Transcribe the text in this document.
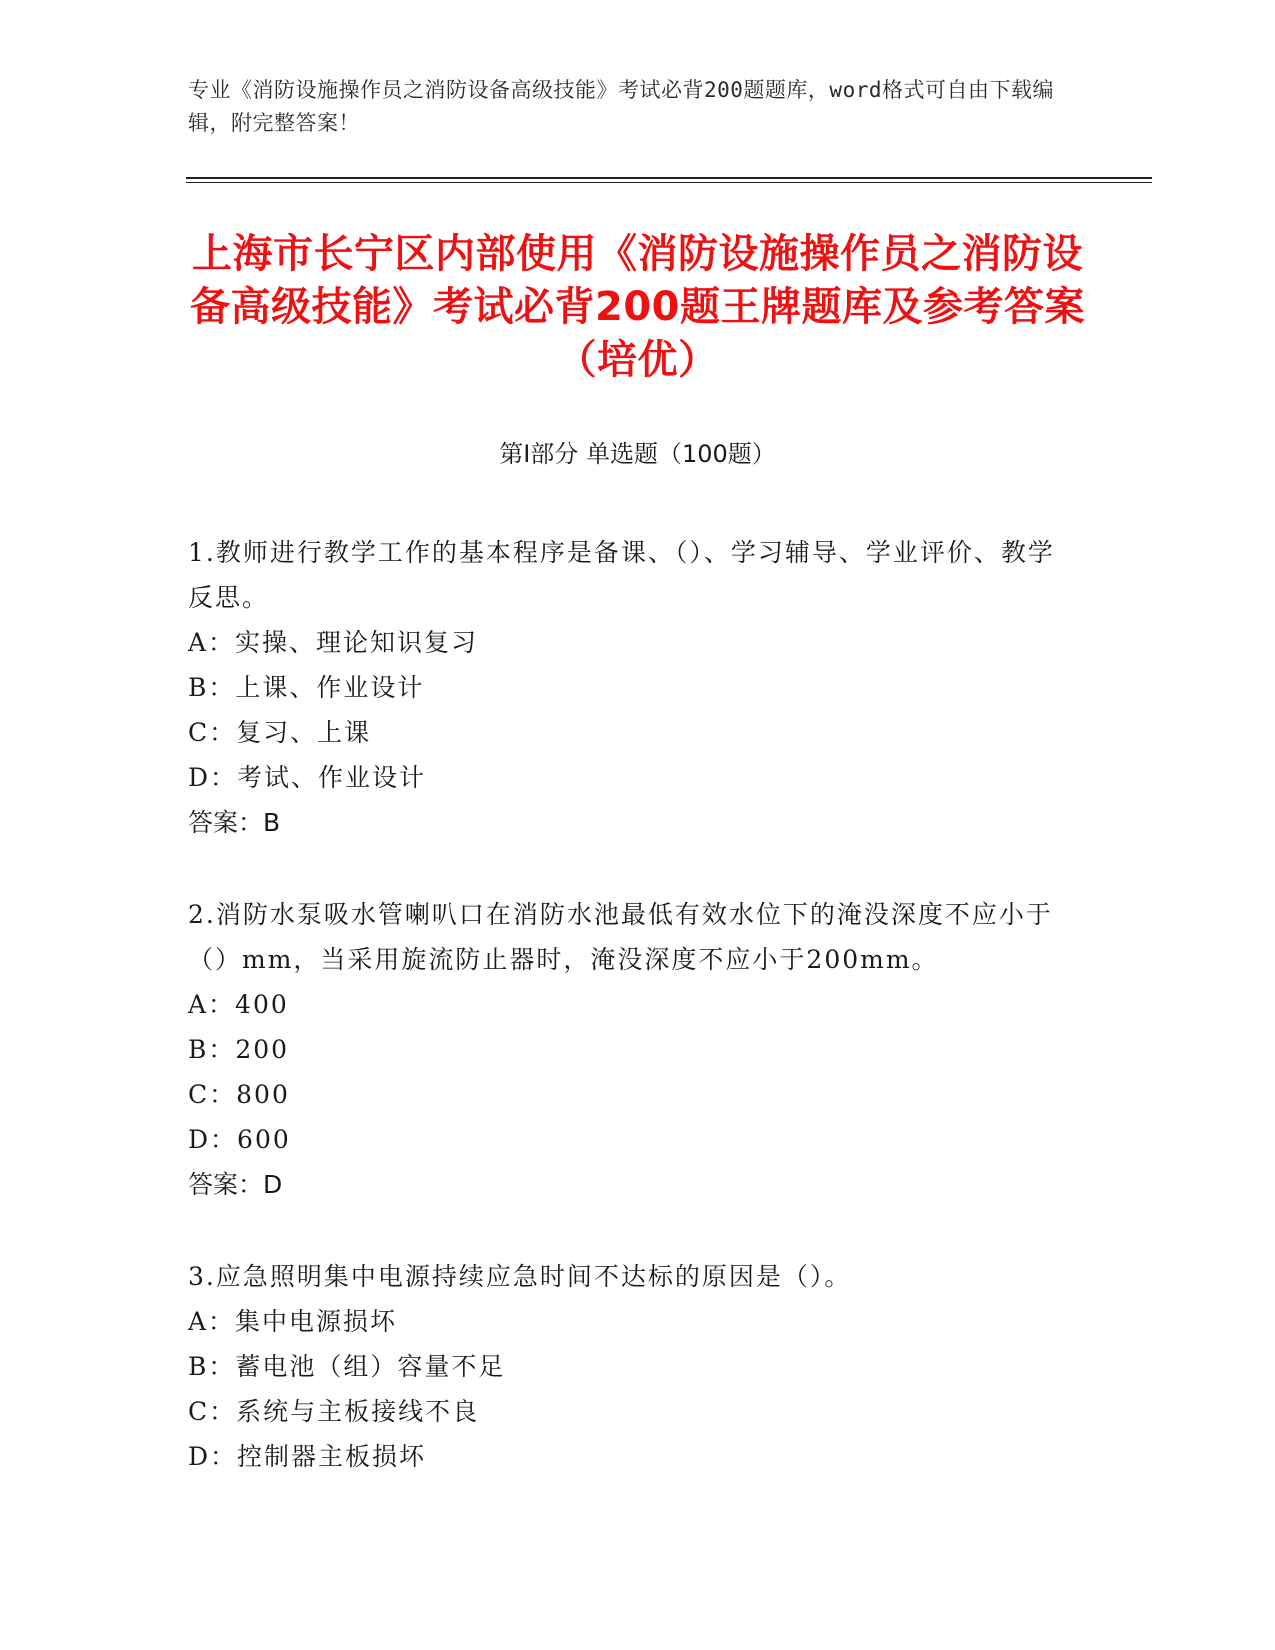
专业《消防设施操作员之消防设备高级技能》考试必背200题题库，word格式可自由下载编辑，附完整答案！
上海市长宁区内部使用《消防设施操作员之消防设备高级技能》考试必背200题王牌题库及参考答案（培优）
第Ⅰ部分 单选题（100题）
1.教师进行教学工作的基本程序是备课、（）、学习辅导、学业评价、教学反思。
A：实操、理论知识复习
B：上课、作业设计
C：复习、上课
D：考试、作业设计
答案：B
2.消防水泵吸水管喇叭口在消防水池最低有效水位下的淹没深度不应小于（）mm，当采用旋流防止器时，淹没深度不应小于200mm。
A：400
B：200
C：800
D：600
答案：D
3.应急照明集中电源持续应急时间不达标的原因是（）。
A：集中电源损坏
B：蓄电池（组）容量不足
C：系统与主板接线不良
D：控制器主板损坏
